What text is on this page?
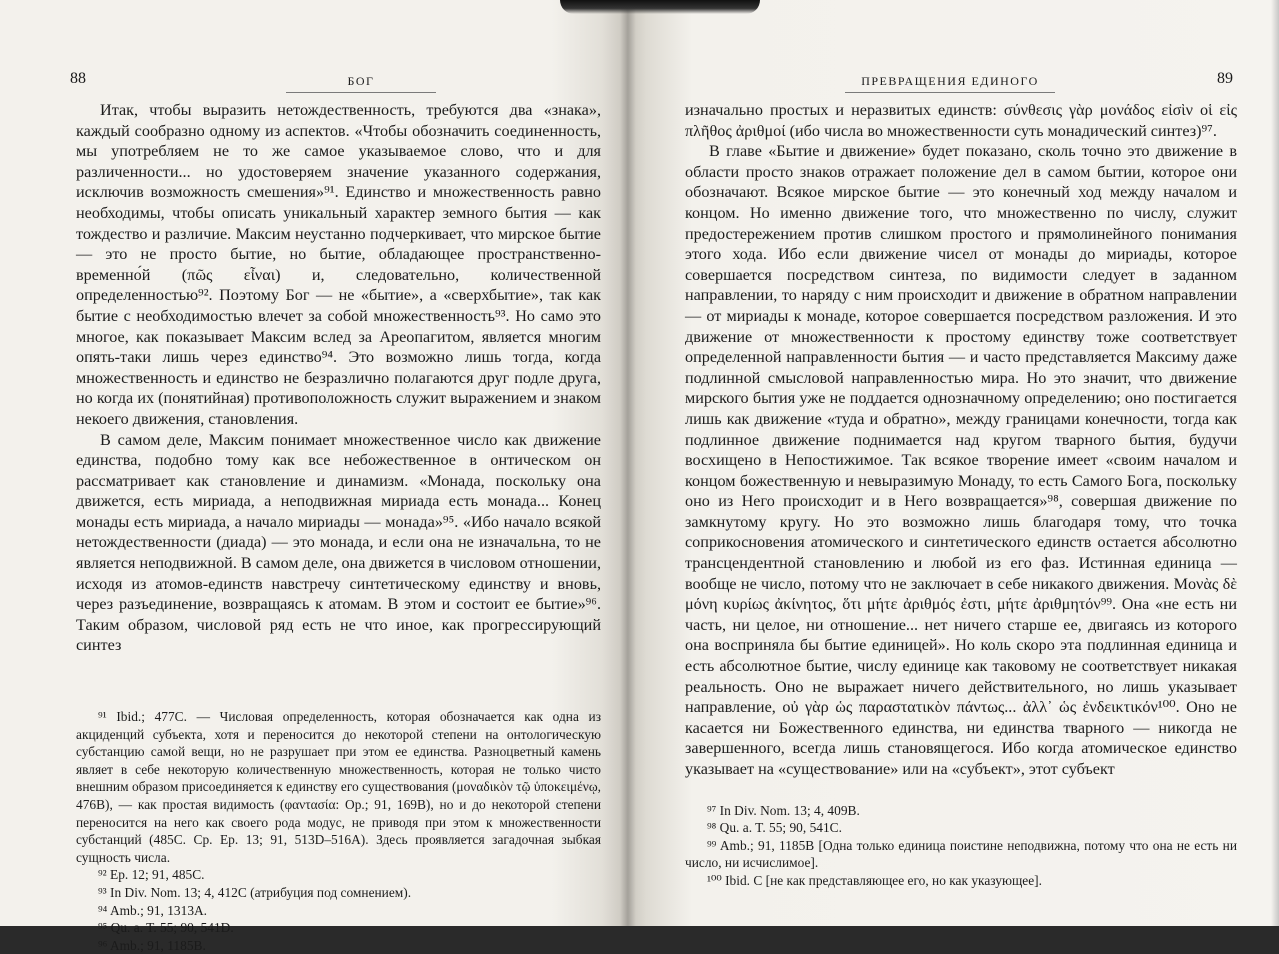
88	БОГ

Итак, чтобы выразить нетождественность, требуются два «знака», каждый сообразно одному из аспектов. «Чтобы обозначить соединенность, мы употребляем не то же самое указываемое слово, что и для различенности... но удостоверяем значение указанного содержания, исключив возможность смешения»⁹¹. Единство и множественность равно необходимы, чтобы описать уникальный характер земного бытия — как тождество и различие. Максим неустанно подчеркивает, что мирское бытие — это не просто бытие, но бытие, обладающее пространственно-временно́й (πῶς εἶναι) и, следовательно, количественной определенностью⁹². Поэтому Бог — не «бытие», а «сверхбытие», так как бытие с необходимостью влечет за собой множественность⁹³. Но само это многое, как показывает Максим вслед за Ареопагитом, является многим опять-таки лишь через единство⁹⁴. Это возможно лишь тогда, когда множественность и единство не безразлично полагаются друг подле друга, но когда их (понятийная) противоположность служит выражением и знаком некоего движения, становления.

В самом деле, Максим понимает множественное число как движение единства, подобно тому как все небожественное в онтическом он рассматривает как становление и динамизм. «Монада, поскольку она движется, есть мириада, а неподвижная мириада есть монада... Конец монады есть мириада, а начало мириады — монада»⁹⁵. «Ибо начало всякой нетождественности (диада) — это монада, и если она не изначальна, то не является неподвижной. В самом деле, она движется в числовом отношении, исходя из атомов-единств навстречу синтетическому единству и вновь, через разъединение, возвращаясь к атомам. В этом и состоит ее бытие»⁹⁶. Таким образом, числовой ряд есть не что иное, как прогрессирующий синтез

⁹¹ Ibid.; 477C. — Числовая определенность, которая обозначается как одна из акциденций субъекта, хотя и переносится до некоторой степени на онтологическую субстанцию самой вещи, но не разрушает при этом ее единства. Разноцветный камень являет в себе некоторую количественную множественность, которая не только чисто внешним образом присоединяется к единству его существования (μοναδικὸν τῷ ὑποκειμένῳ, 476B), — как простая видимость (φαντασία: Op.; 91, 169B), но и до некоторой степени переносится на него как своего рода модус, не приводя при этом к множественности субстанций (485C. Ср. Ep. 13; 91, 513D–516A). Здесь проявляется загадочная зыбкая сущность числа.

⁹² Ep. 12; 91, 485C.

⁹³ In Div. Nom. 13; 4, 412C (атрибуция под сомнением).

⁹⁴ Amb.; 91, 1313A.

⁹⁵ Qu. a. T. 55; 90, 541D.

⁹⁶ Amb.; 91, 1185B.

ПРЕВРАЩЕНИЯ ЕДИНОГО	89

изначально простых и неразвитых единств: σύνθεσις γὰρ μονάδος εἰσὶν οἱ εἰς πλῆθος ἀριθμοί (ибо числа во множественности суть монадический синтез)⁹⁷.

В главе «Бытие и движение» будет показано, сколь точно это движение в области просто знаков отражает положение дел в самом бытии, которое они обозначают. Всякое мирское бытие — это конечный ход между началом и концом. Но именно движение того, что множественно по числу, служит предостережением против слишком простого и прямолинейного понимания этого хода. Ибо если движение чисел от монады до мириады, которое совершается посредством синтеза, по видимости следует в заданном направлении, то наряду с ним происходит и движение в обратном направлении — от мириады к монаде, которое совершается посредством разложения. И это движение от множественности к простому единству тоже соответствует определенной направленности бытия — и часто представляется Максиму даже подлинной смысловой направленностью мира. Но это значит, что движение мирского бытия уже не поддается однозначному определению; оно постигается лишь как движение «туда и обратно», между границами конечности, тогда как подлинное движение поднимается над кругом тварного бытия, будучи восхищено в Непостижимое. Так всякое творение имеет «своим началом и концом божественную и невыразимую Монаду, то есть Самого Бога, поскольку оно из Него происходит и в Него возвращается»⁹⁸, совершая движение по замкнутому кругу. Но это возможно лишь благодаря тому, что точка соприкосновения атомического и синтетического единств остается абсолютно трансцендентной становлению и любой из его фаз. Истинная единица — вообще не число, потому что не заключает в себе никакого движения. Μονὰς δὲ μόνη κυρίως ἀκίνητος, ὅτι μήτε ἀριθμός ἐστι, μήτε ἀριθμητόν⁹⁹. Она «не есть ни часть, ни целое, ни отношение... нет ничего старше ее, двигаясь из которого она восприняла бы бытие единицей». Но коль скоро эта подлинная единица и есть абсолютное бытие, числу единице как таковому не соответствует никакая реальность. Оно не выражает ничего действительного, но лишь указывает направление, οὐ γὰρ ὡς παραστατικὸν πάντως... ἀλλ᾽ ὡς ἐνδεικτικόν¹⁰⁰. Оно не касается ни Божественного единства, ни единства тварного — никогда не завершенного, всегда лишь становящегося. Ибо когда атомическое единство указывает на «существование» или на «субъект», этот субъект

⁹⁷ In Div. Nom. 13; 4, 409B.

⁹⁸ Qu. a. T. 55; 90, 541C.

⁹⁹ Amb.; 91, 1185B [Одна только единица поистине неподвижна, потому что она не есть ни число, ни исчислимое].

¹⁰⁰ Ibid. C [не как представляющее его, но как указующее].
